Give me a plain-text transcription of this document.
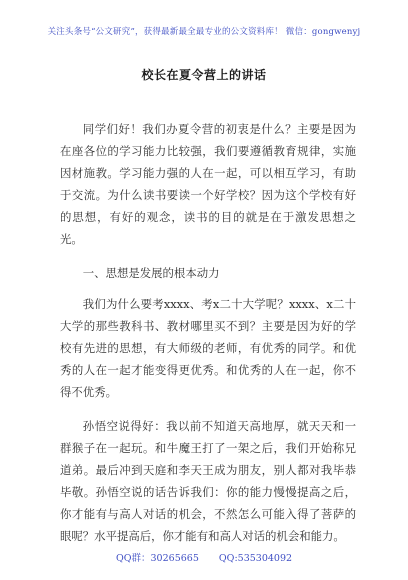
关注头条号“公文研究”，获得最新最全最专业的公文资料库！ 微信：gongwenyj
校长在夏令营上的讲话

同学们好！我们办夏令营的初衷是什么？主要是因为在座各位的学习能力比较强，我们要遵循教育规律，实施因材施教。学习能力强的人在一起，可以相互学习，有助于交流。为什么读书要读一个好学校？因为这个学校有好的思想，有好的观念，读书的目的就是在于激发思想之光。

一、思想是发展的根本动力

我们为什么要考xxxx、考x二十大学呢？xxxx、x二十大学的那些教科书、教材哪里买不到？主要是因为好的学校有先进的思想，有大师级的老师，有优秀的同学。和优秀的人在一起才能变得更优秀。和优秀的人在一起，你不得不优秀。

孙悟空说得好：我以前不知道天高地厚，就天天和一群猴子在一起玩。和牛魔王打了一架之后，我们开始称兄道弟。最后冲到天庭和李天王成为朋友，别人都对我毕恭毕敬。孙悟空说的话告诉我们：你的能力慢慢提高之后，你才能有与高人对话的机会，不然怎么可能入得了菩萨的眼呢？水平提高后，你才能有和高人对话的机会和能力。

QQ群：30265665 QQ:535304092
